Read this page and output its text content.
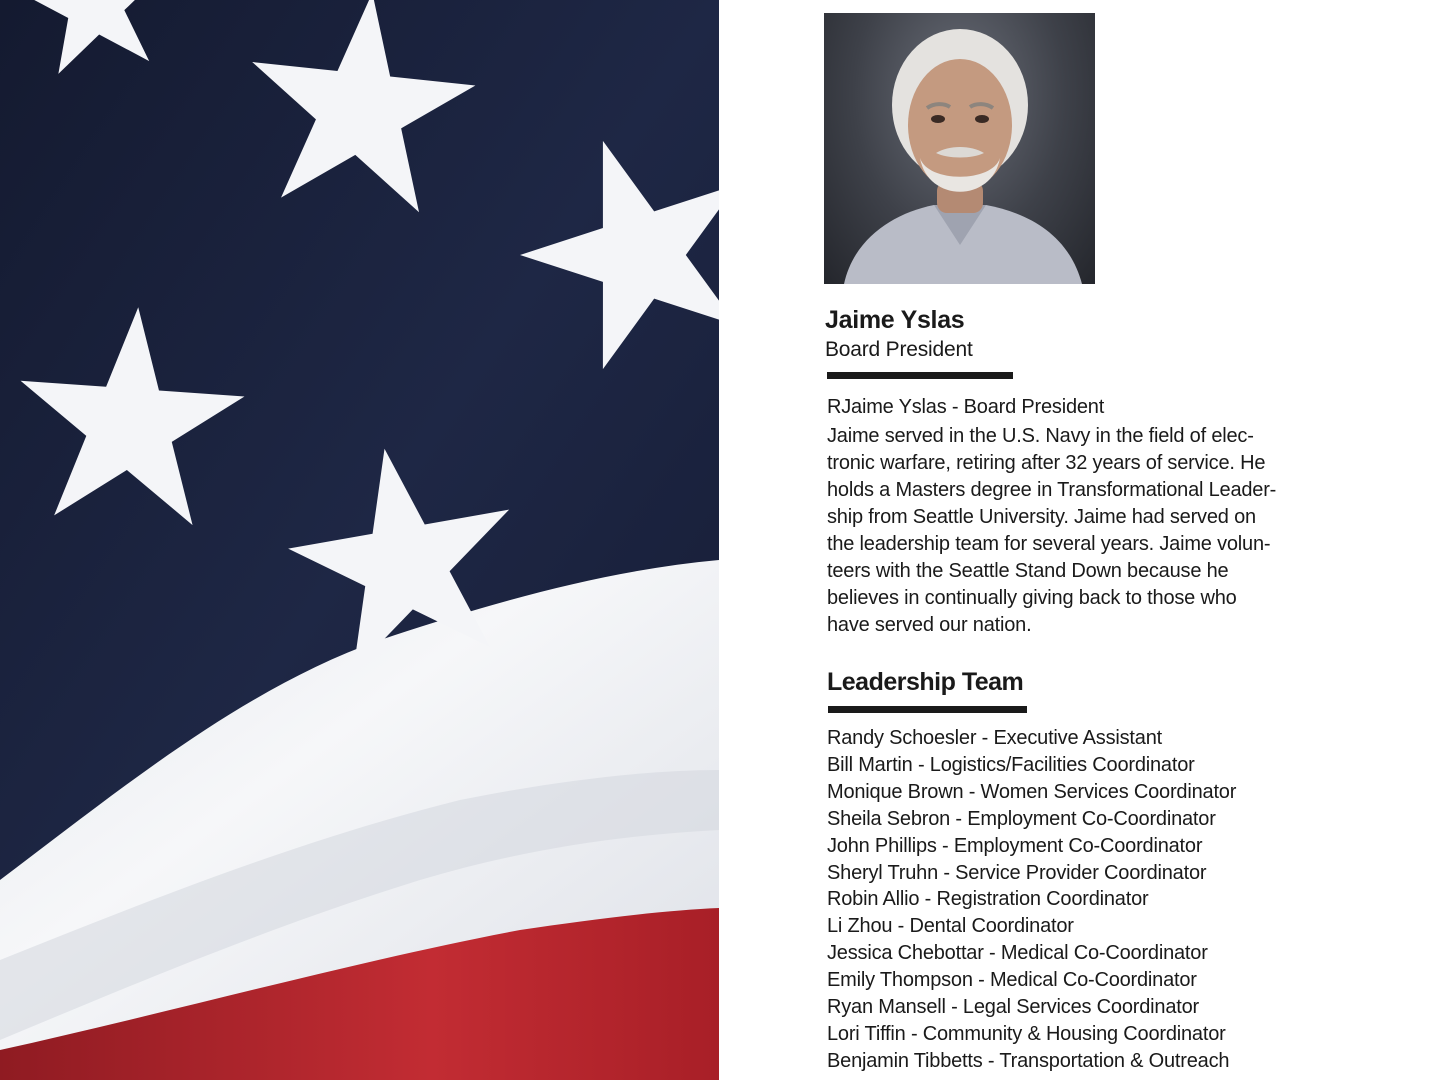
Jaime Yslas
Board President
RJaime Yslas - Board President
Jaime served in the U.S. Navy in the field of elec-
tronic warfare, retiring after 32 years of service. He
holds a Masters degree in Transformational Leader-
ship from Seattle University. Jaime had served on
the leadership team for several years. Jaime volun-
teers with the Seattle Stand Down because he
believes in continually giving back to those who
have served our nation.
Leadership Team
Randy Schoesler - Executive Assistant
Bill Martin - Logistics/Facilities Coordinator
Monique Brown - Women Services Coordinator
Sheila Sebron - Employment Co-Coordinator
John Phillips - Employment Co-Coordinator
Sheryl Truhn - Service Provider Coordinator
Robin Allio - Registration Coordinator
Li Zhou - Dental Coordinator
Jessica Chebottar - Medical Co-Coordinator
Emily Thompson - Medical Co-Coordinator
Ryan Mansell - Legal Services Coordinator
Lori Tiffin - Community & Housing Coordinator
Benjamin Tibbetts - Transportation & Outreach
